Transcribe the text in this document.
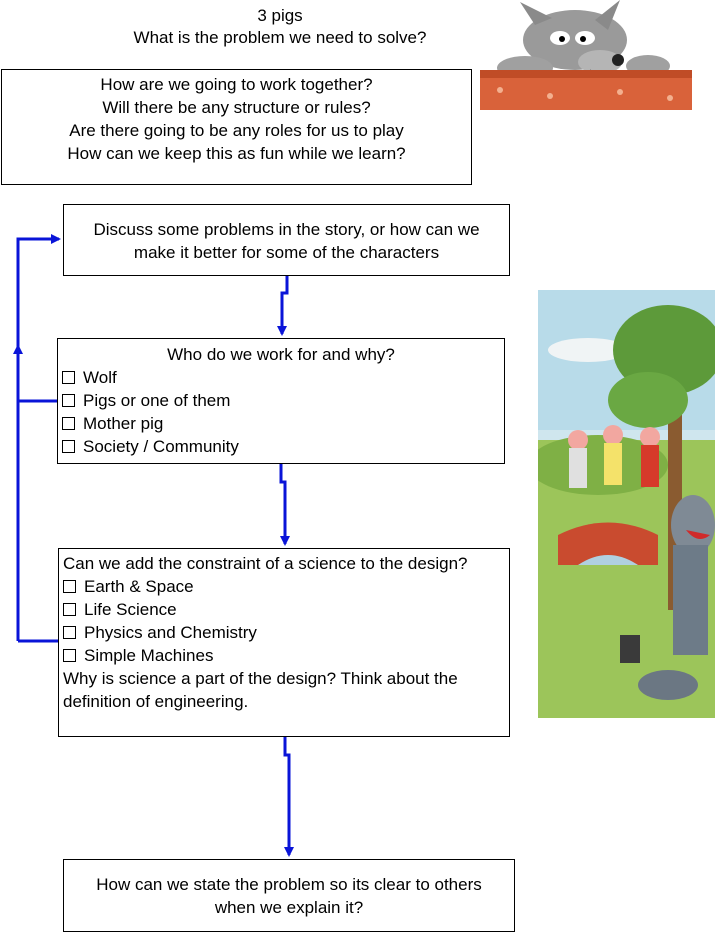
3 pigs
What is the problem we need to solve?
How are we going to work together?
Will there be any structure or rules?
Are there going to be any roles for us to play
How can we keep this as fun while we learn?
Discuss some problems in the story, or how can we
make it better for some of the characters
Who do we work for and why?
Wolf
Pigs or one of them
Mother pig
Society / Community
Can we add the constraint of a science to the design?
Earth & Space
Life Science
Physics and Chemistry
Simple Machines
Why is science a part of the design? Think about the definition of engineering.
How can we state the problem so its clear to others
when we explain it?
